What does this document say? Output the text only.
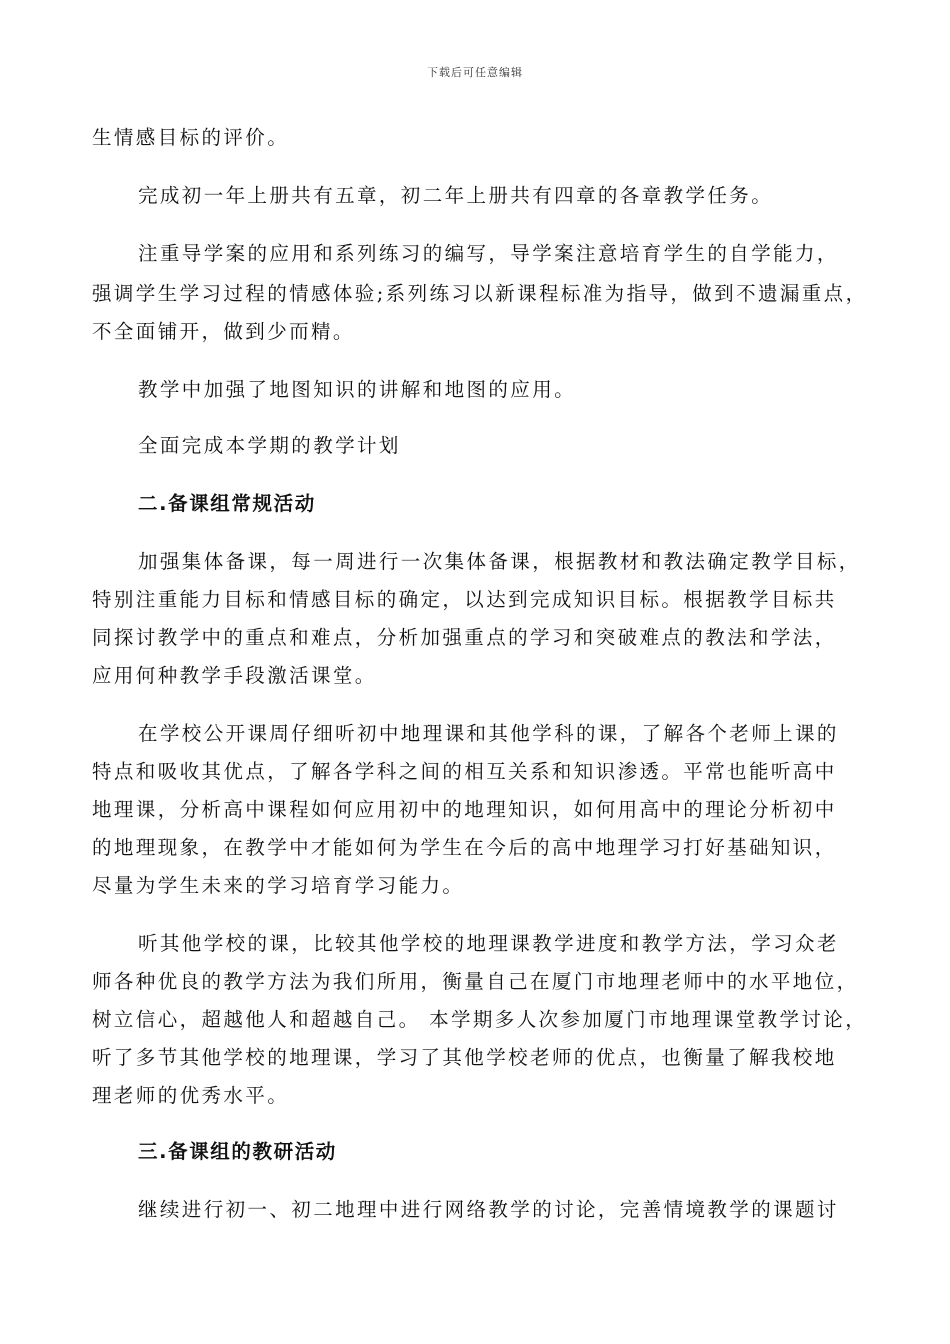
下载后可任意编辑
生情感目标的评价。
完成初一年上册共有五章，初二年上册共有四章的各章教学任务。
注重导学案的应用和系列练习的编写，导学案注意培育学生的自学能力，
强调学生学习过程的情感体验;系列练习以新课程标准为指导，做到不遗漏重点，
不全面铺开，做到少而精。
教学中加强了地图知识的讲解和地图的应用。
全面完成本学期的教学计划
二.备课组常规活动
加强集体备课，每一周进行一次集体备课，根据教材和教法确定教学目标，
特别注重能力目标和情感目标的确定，以达到完成知识目标。根据教学目标共
同探讨教学中的重点和难点，分析加强重点的学习和突破难点的教法和学法，
应用何种教学手段激活课堂。
在学校公开课周仔细听初中地理课和其他学科的课，了解各个老师上课的
特点和吸收其优点，了解各学科之间的相互关系和知识渗透。平常也能听高中
地理课，分析高中课程如何应用初中的地理知识，如何用高中的理论分析初中
的地理现象，在教学中才能如何为学生在今后的高中地理学习打好基础知识，
尽量为学生未来的学习培育学习能力。
听其他学校的课，比较其他学校的地理课教学进度和教学方法，学习众老
师各种优良的教学方法为我们所用，衡量自己在厦门市地理老师中的水平地位，
树立信心，超越他人和超越自己。 本学期多人次参加厦门市地理课堂教学讨论，
听了多节其他学校的地理课，学习了其他学校老师的优点，也衡量了解我校地
理老师的优秀水平。
三.备课组的教研活动
继续进行初一、初二地理中进行网络教学的讨论，完善情境教学的课题讨
